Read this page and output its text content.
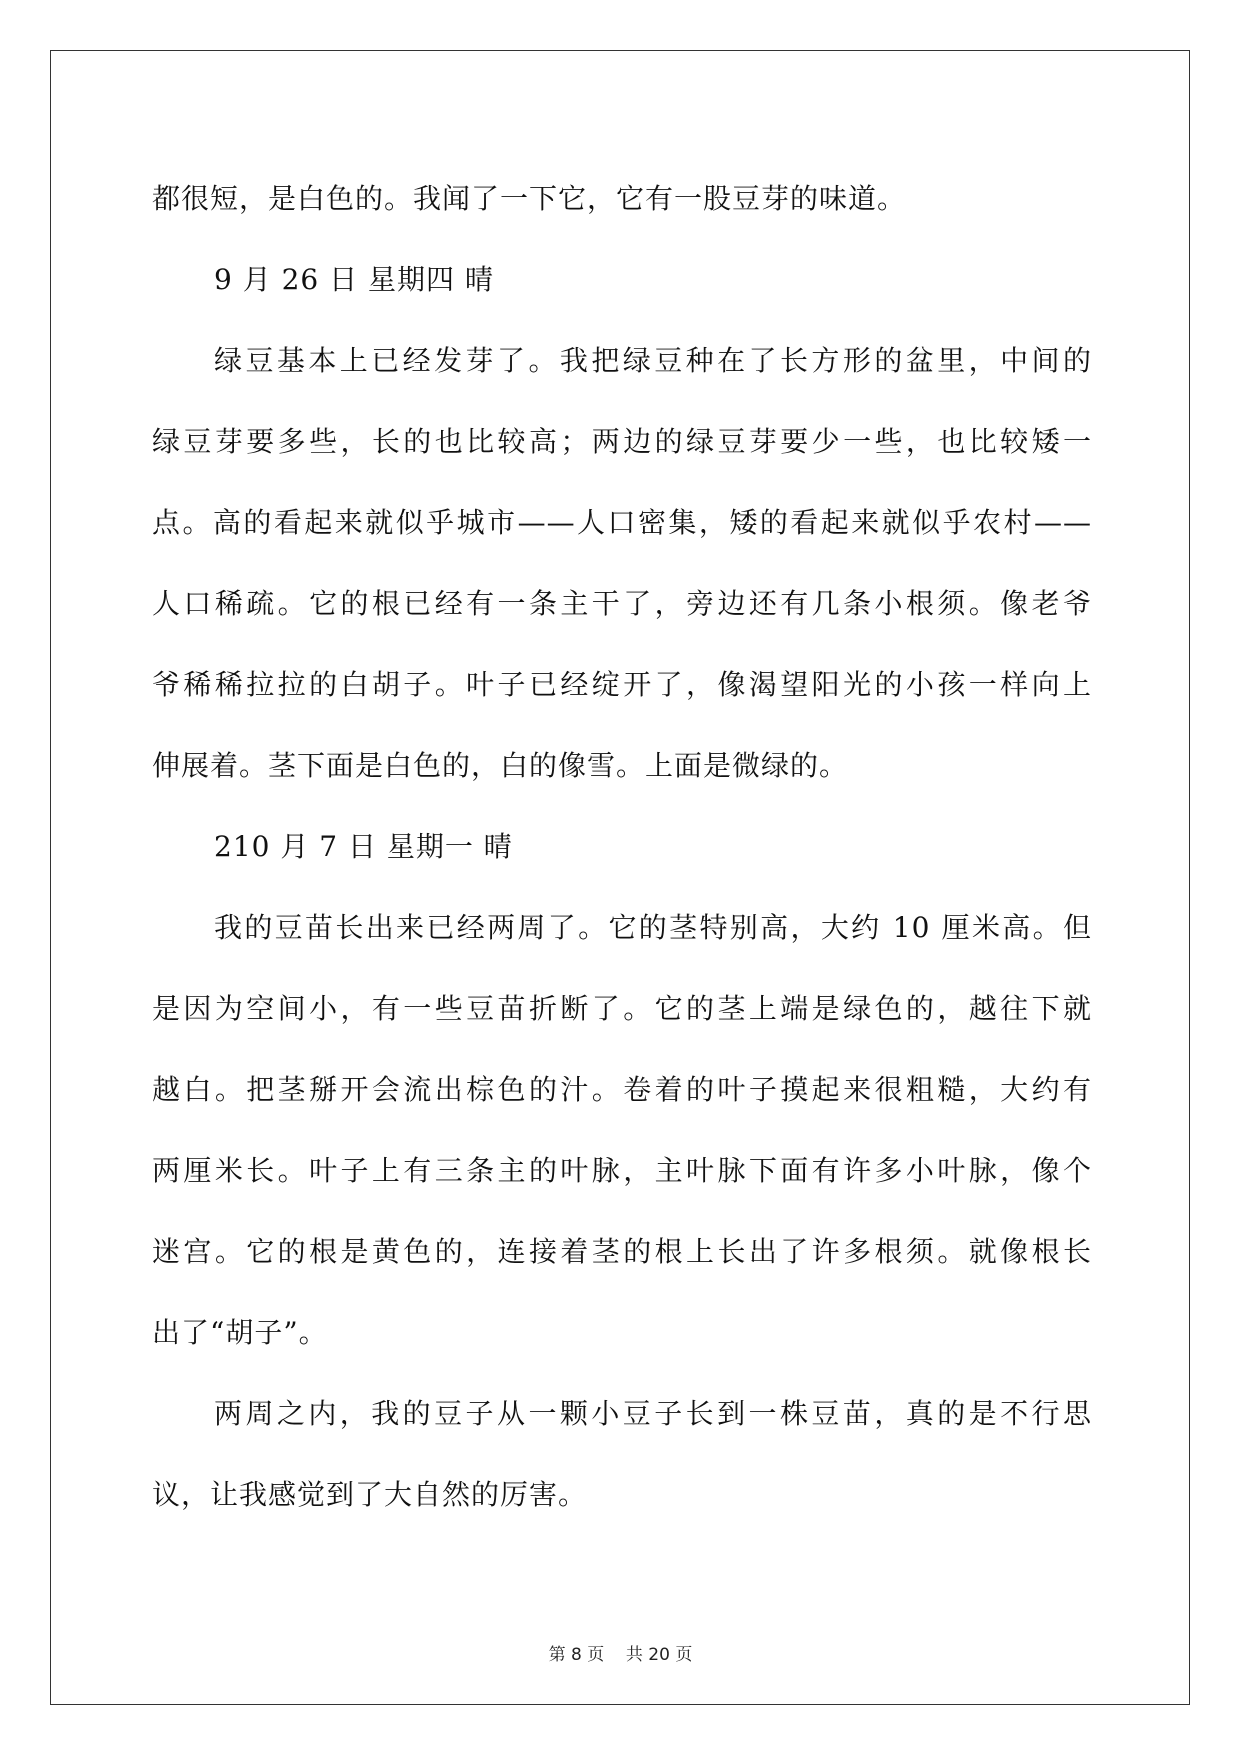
都很短，是白色的。我闻了一下它，它有一股豆芽的味道。
9 月 26 日 星期四 晴
绿豆基本上已经发芽了。我把绿豆种在了长方形的盆里，中间的
绿豆芽要多些，长的也比较高；两边的绿豆芽要少一些，也比较矮一
点。高的看起来就似乎城市——人口密集，矮的看起来就似乎农村——
人口稀疏。它的根已经有一条主干了，旁边还有几条小根须。像老爷
爷稀稀拉拉的白胡子。叶子已经绽开了，像渴望阳光的小孩一样向上
伸展着。茎下面是白色的，白的像雪。上面是微绿的。
210 月 7 日 星期一 晴
我的豆苗长出来已经两周了。它的茎特别高，大约 10 厘米高。但
是因为空间小，有一些豆苗折断了。它的茎上端是绿色的，越往下就
越白。把茎掰开会流出棕色的汁。卷着的叶子摸起来很粗糙，大约有
两厘米长。叶子上有三条主的叶脉，主叶脉下面有许多小叶脉，像个
迷宫。它的根是黄色的，连接着茎的根上长出了许多根须。就像根长
出了“胡子”。
两周之内，我的豆子从一颗小豆子长到一株豆苗，真的是不行思
议，让我感觉到了大自然的厉害。
第 8 页    共 20 页
